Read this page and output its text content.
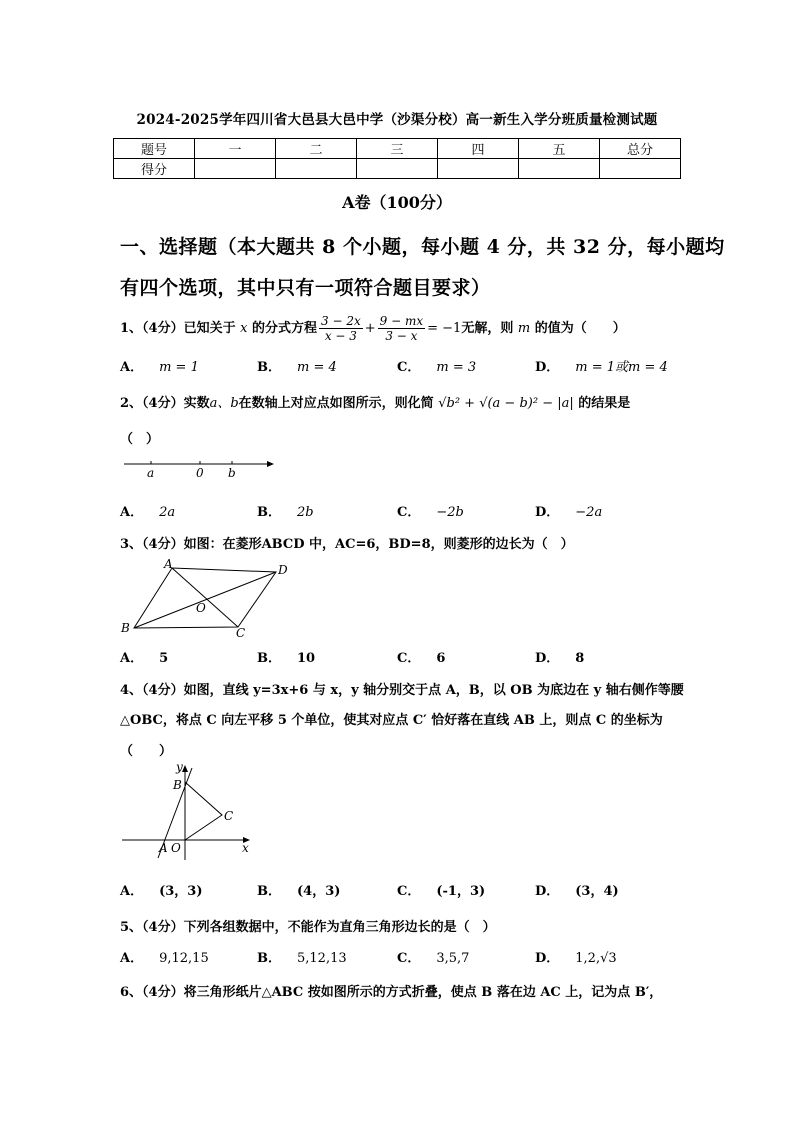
2024-2025学年四川省大邑县大邑中学（沙渠分校）高一新生入学分班质量检测试题
题号	一	二	三	四	五	总分
得分						
A卷（100分）
一、选择题（本大题共 8 个小题，每小题 4 分，共 32 分，每小题均
有四个选项，其中只有一项符合题目要求）
1、（4分）已知关于 x 的分式方程 $\frac{3 - 2x}{x - 3} + \frac{9 - mx}{3 - x} = -1$无解，则 m 的值为（　　）
A． m = 1	B． m = 4	C． m = 3	D． m = 1或m = 4
2、（4分）实数a、b在数轴上对应点如图所示，则化简 √b² + √(a − b)² − |a| 的结果是
（　）
a	0 b
A． 2a	B． 2b	C． −2b	D． −2a
3、（4分）如图：在菱形ABCD 中，AC=6，BD=8，则菱形的边长为（　）
A	D
O
B	C
A． 5	B． 10	C． 6	D． 8
4、（4分）如图，直线 y=3x+6 与 x，y 轴分别交于点 A，B，以 OB 为底边在 y 轴右侧作等腰
△OBC，将点 C 向左平移 5 个单位，使其对应点 C′ 恰好落在直线 AB 上，则点 C 的坐标为
（　　）
y
B
C
A O	x
A． (3，3)	B． (4，3)	C． (-1，3)	D． (3，4)
5、（4分）下列各组数据中，不能作为直角三角形边长的是（　）
A． 9,12,15	B． 5,12,13	C． 3,5,7	D． 1,2,√3
6、（4分）将三角形纸片△ABC 按如图所示的方式折叠，使点 B 落在边 AC 上，记为点 B′，
